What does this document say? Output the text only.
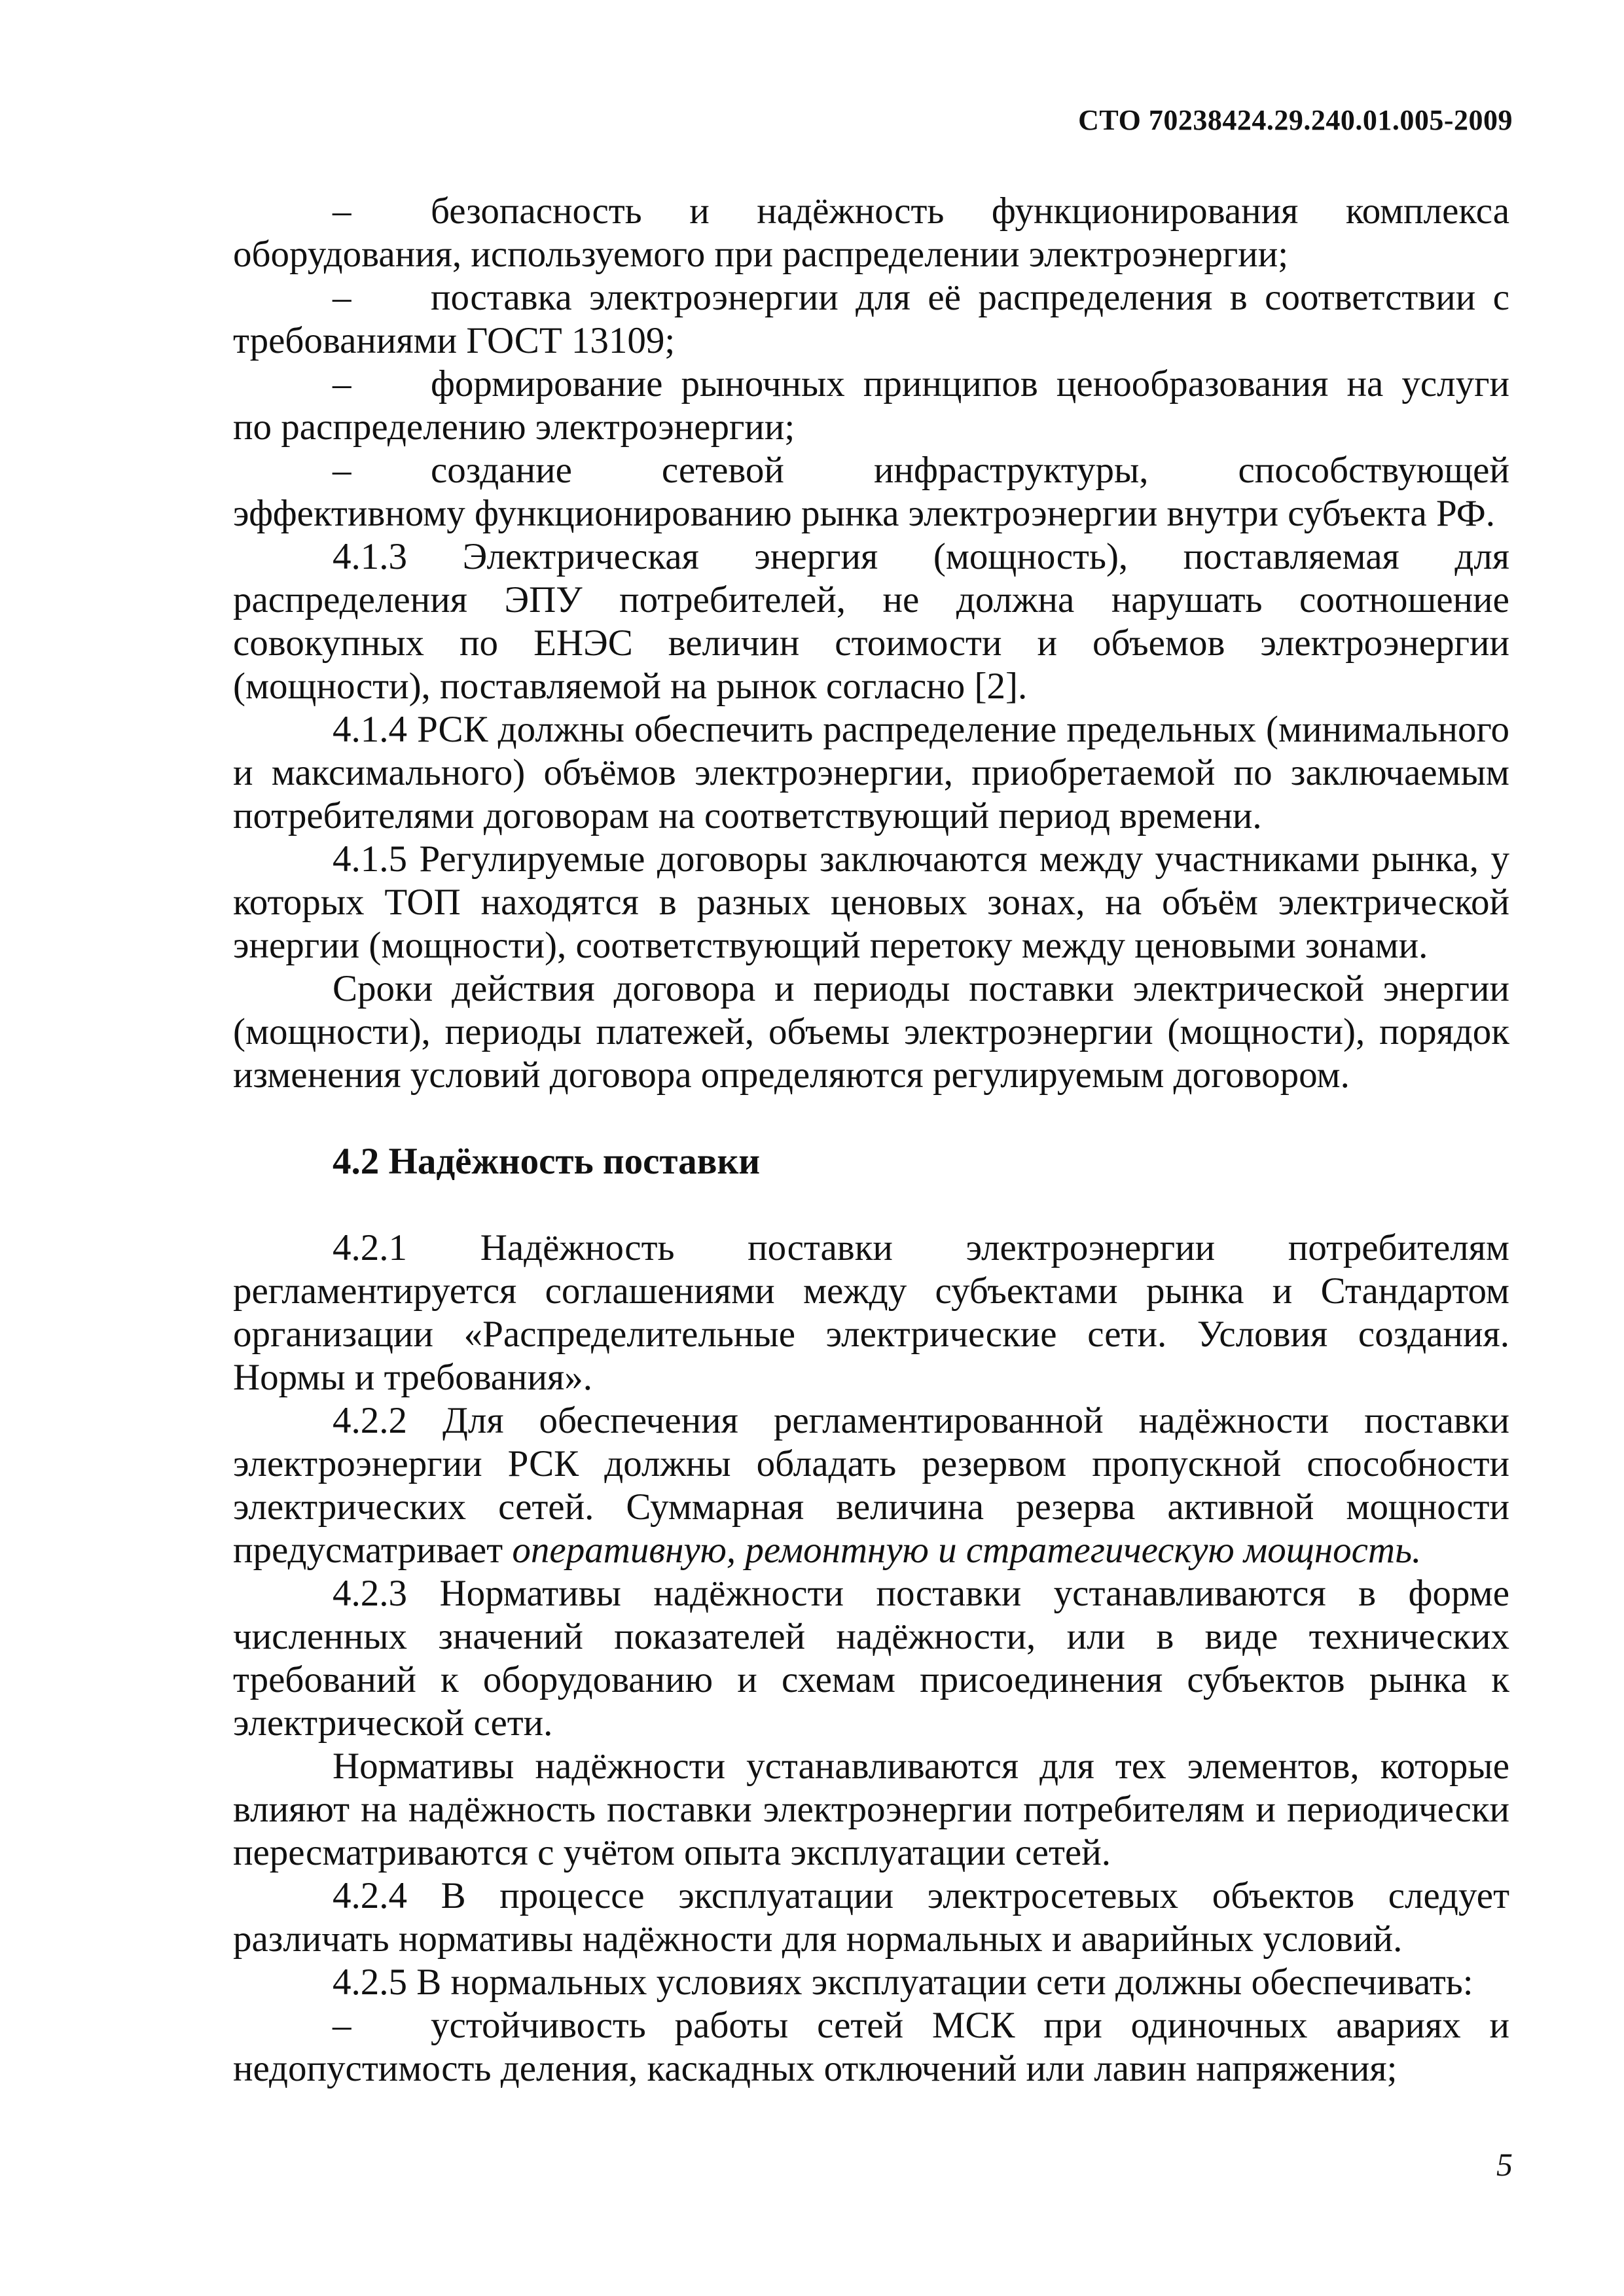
СТО 70238424.29.240.01.005-2009

– безопасность и надёжность функционирования комплекса оборудования, используемого при распределении электроэнергии;

– поставка электроэнергии для её распределения в соответствии с требованиями ГОСТ 13109;

– формирование рыночных принципов ценообразования на услуги по распределению электроэнергии;

– создание сетевой инфраструктуры, способствующей эффективному функционированию рынка электроэнергии внутри субъекта РФ.

4.1.3 Электрическая энергия (мощность), поставляемая для распределения ЭПУ потребителей, не должна нарушать соотношение совокупных по ЕНЭС величин стоимости и объемов электроэнергии (мощности), поставляемой на рынок согласно [2].

4.1.4 РСК должны обеспечить распределение предельных (минимального и максимального) объёмов электроэнергии, приобретаемой по заключаемым потребителями договорам на соответствующий период времени.

4.1.5 Регулируемые договоры заключаются между участниками рынка, у которых ТОП находятся в разных ценовых зонах, на объём электрической энергии (мощности), соответствующий перетоку между ценовыми зонами.

Сроки действия договора и периоды поставки электрической энергии (мощности), периоды платежей, объемы электроэнергии (мощности), порядок изменения условий договора определяются регулируемым договором.

4.2 Надёжность поставки

4.2.1 Надёжность поставки электроэнергии потребителям регламентируется соглашениями между субъектами рынка и Стандартом организации «Распределительные электрические сети. Условия создания. Нормы и требования».

4.2.2 Для обеспечения регламентированной надёжности поставки электроэнергии РСК должны обладать резервом пропускной способности электрических сетей. Суммарная величина резерва активной мощности предусматривает оперативную, ремонтную и стратегическую мощность.

4.2.3 Нормативы надёжности поставки устанавливаются в форме численных значений показателей надёжности, или в виде технических требований к оборудованию и схемам присоединения субъектов рынка к электрической сети.

Нормативы надёжности устанавливаются для тех элементов, которые влияют на надёжность поставки электроэнергии потребителям и периодически пересматриваются с учётом опыта эксплуатации сетей.

4.2.4 В процессе эксплуатации электросетевых объектов следует различать нормативы надёжности для нормальных и аварийных условий.

4.2.5 В нормальных условиях эксплуатации сети должны обеспечивать:

– устойчивость работы сетей МСК при одиночных авариях и недопустимость деления, каскадных отключений или лавин напряжения;

5
